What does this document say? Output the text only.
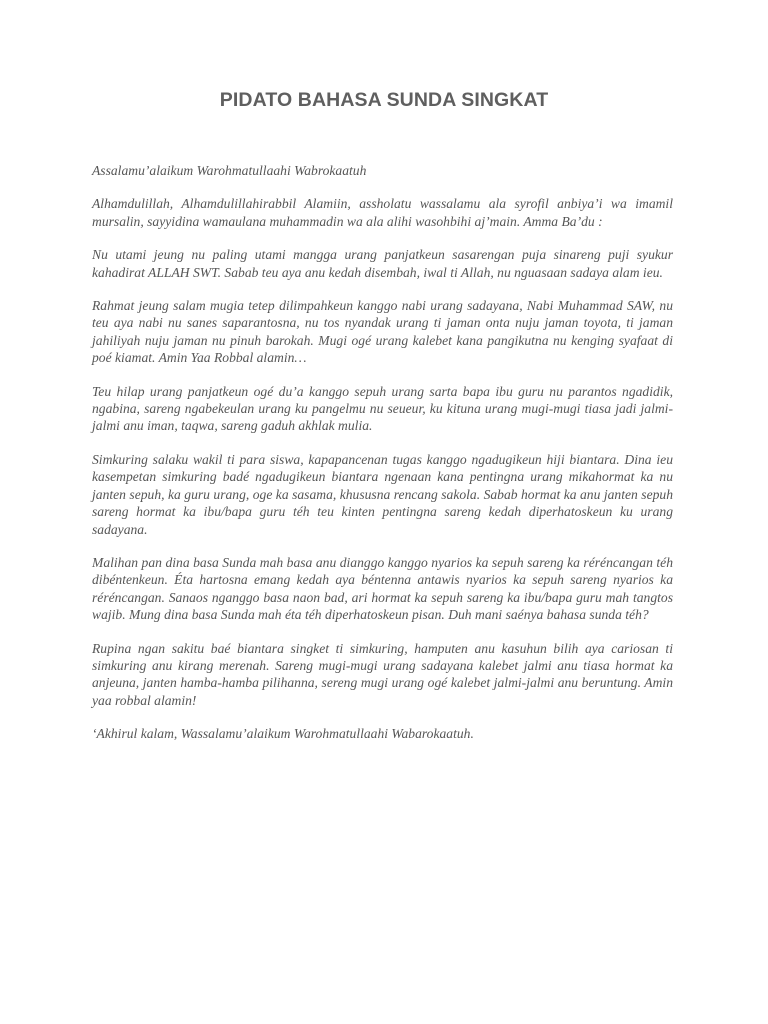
PIDATO BAHASA SUNDA SINGKAT

Assalamu’alaikum Warohmatullaahi Wabrokaatuh

Alhamdulillah, Alhamdulillahirabbil Alamiin, assholatu wassalamu ala syrofil anbiya’i wa imamil mursalin, sayyidina wamaulana muhammadin wa ala alihi wasohbihi aj’main. Amma Ba’du :

Nu utami jeung nu paling utami mangga urang panjatkeun sasarengan puja sinareng puji syukur kahadirat ALLAH SWT. Sabab teu aya anu kedah disembah, iwal ti Allah, nu nguasaan sadaya alam ieu.

Rahmat jeung salam mugia tetep dilimpahkeun kanggo nabi urang sadayana, Nabi Muhammad SAW, nu teu aya nabi nu sanes saparantosna, nu tos nyandak urang ti jaman onta nuju jaman toyota, ti jaman jahiliyah nuju jaman nu pinuh barokah. Mugi ogé urang kalebet kana pangikutna nu kenging syafaat di poé kiamat. Amin Yaa Robbal alamin…

Teu hilap urang panjatkeun ogé du’a kanggo sepuh urang sarta bapa ibu guru nu parantos ngadidik, ngabina, sareng ngabekeulan urang ku pangelmu nu seueur, ku kituna urang mugi-mugi tiasa jadi jalmi-jalmi anu iman, taqwa, sareng gaduh akhlak mulia.

Simkuring salaku wakil ti para siswa, kapapancenan tugas kanggo ngadugikeun hiji biantara. Dina ieu kasempetan simkuring badé ngadugikeun biantara ngenaan kana pentingna urang mikahormat ka nu janten sepuh, ka guru urang, oge ka sasama, khususna rencang sakola. Sabab hormat ka anu janten sepuh sareng hormat ka ibu/bapa guru téh teu kinten pentingna sareng kedah diperhatoskeun ku urang sadayana.

Malihan pan dina basa Sunda mah basa anu dianggo kanggo nyarios ka sepuh sareng ka réréncangan téh dibéntenkeun. Éta hartosna emang kedah aya béntenna antawis nyarios ka sepuh sareng nyarios ka réréncangan. Sanaos nganggo basa naon bad, ari hormat ka sepuh sareng ka ibu/bapa guru mah tangtos wajib. Mung dina basa Sunda mah éta téh diperhatoskeun pisan. Duh mani saénya bahasa sunda téh?

Rupina ngan sakitu baé biantara singket ti simkuring, hamputen anu kasuhun bilih aya cariosan ti simkuring anu kirang merenah. Sareng mugi-mugi urang sadayana kalebet jalmi anu tiasa hormat ka anjeuna, janten hamba-hamba pilihanna, sereng mugi urang ogé kalebet jalmi-jalmi anu beruntung. Amin yaa robbal alamin!

‘Akhirul kalam, Wassalamu’alaikum Warohmatullaahi Wabarokaatuh.
